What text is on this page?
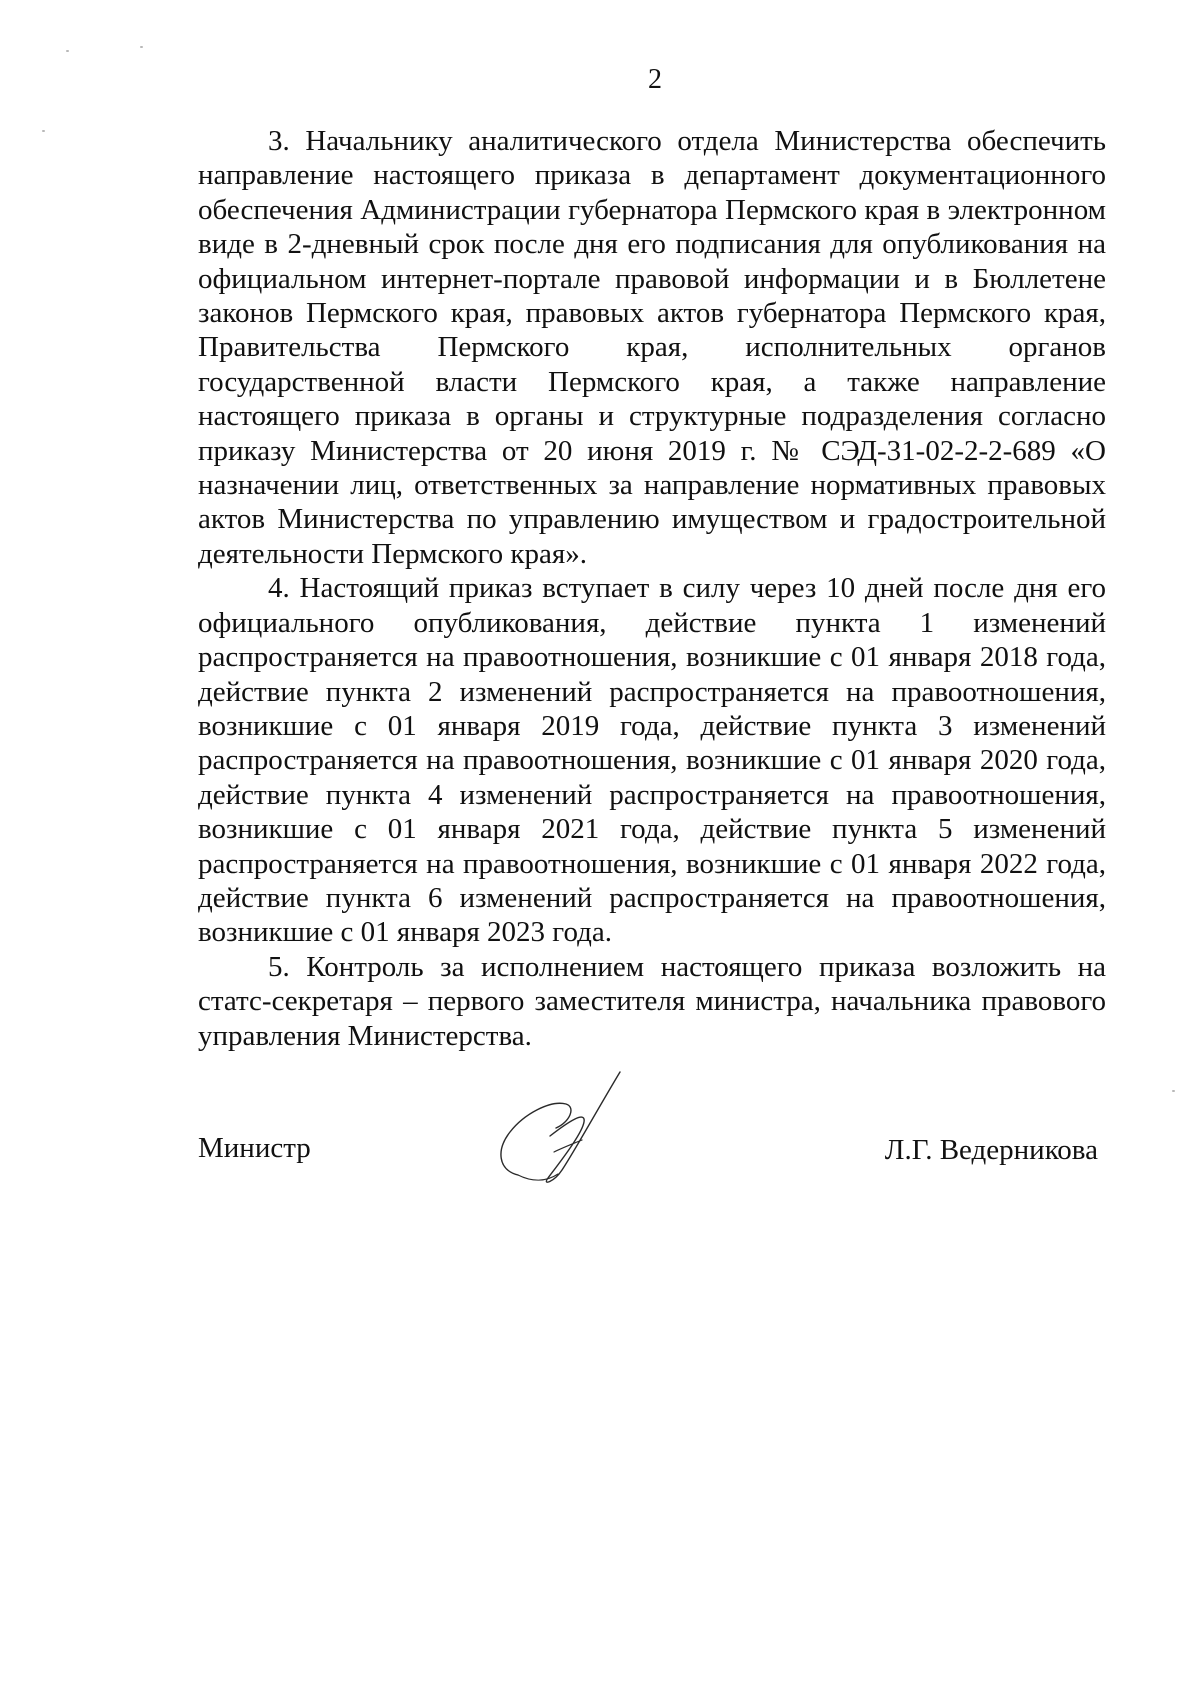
2

3. Начальнику аналитического отдела Министерства обеспечить направление настоящего приказа в департамент документационного обеспечения Администрации губернатора Пермского края в электронном виде в 2-дневный срок после дня его подписания для опубликования на официальном интернет-портале правовой информации и в Бюллетене законов Пермского края, правовых актов губернатора Пермского края, Правительства Пермского края, исполнительных органов государственной власти Пермского края, а также направление настоящего приказа в органы и структурные подразделения согласно приказу Министерства от 20 июня 2019 г. № СЭД-31-02-2-2-689 «О назначении лиц, ответственных за направление нормативных правовых актов Министерства по управлению имуществом и градостроительной деятельности Пермского края».

4. Настоящий приказ вступает в силу через 10 дней после дня его официального опубликования, действие пункта 1 изменений распространяется на правоотношения, возникшие с 01 января 2018 года, действие пункта 2 изменений распространяется на правоотношения, возникшие с 01 января 2019 года, действие пункта 3 изменений распространяется на правоотношения, возникшие с 01 января 2020 года, действие пункта 4 изменений распространяется на правоотношения, возникшие с 01 января 2021 года, действие пункта 5 изменений распространяется на правоотношения, возникшие с 01 января 2022 года, действие пункта 6 изменений распространяется на правоотношения, возникшие с 01 января 2023 года.

5. Контроль за исполнением настоящего приказа возложить на статс-секретаря – первого заместителя министра, начальника правового управления Министерства.

Министр	Л.Г. Ведерникова
